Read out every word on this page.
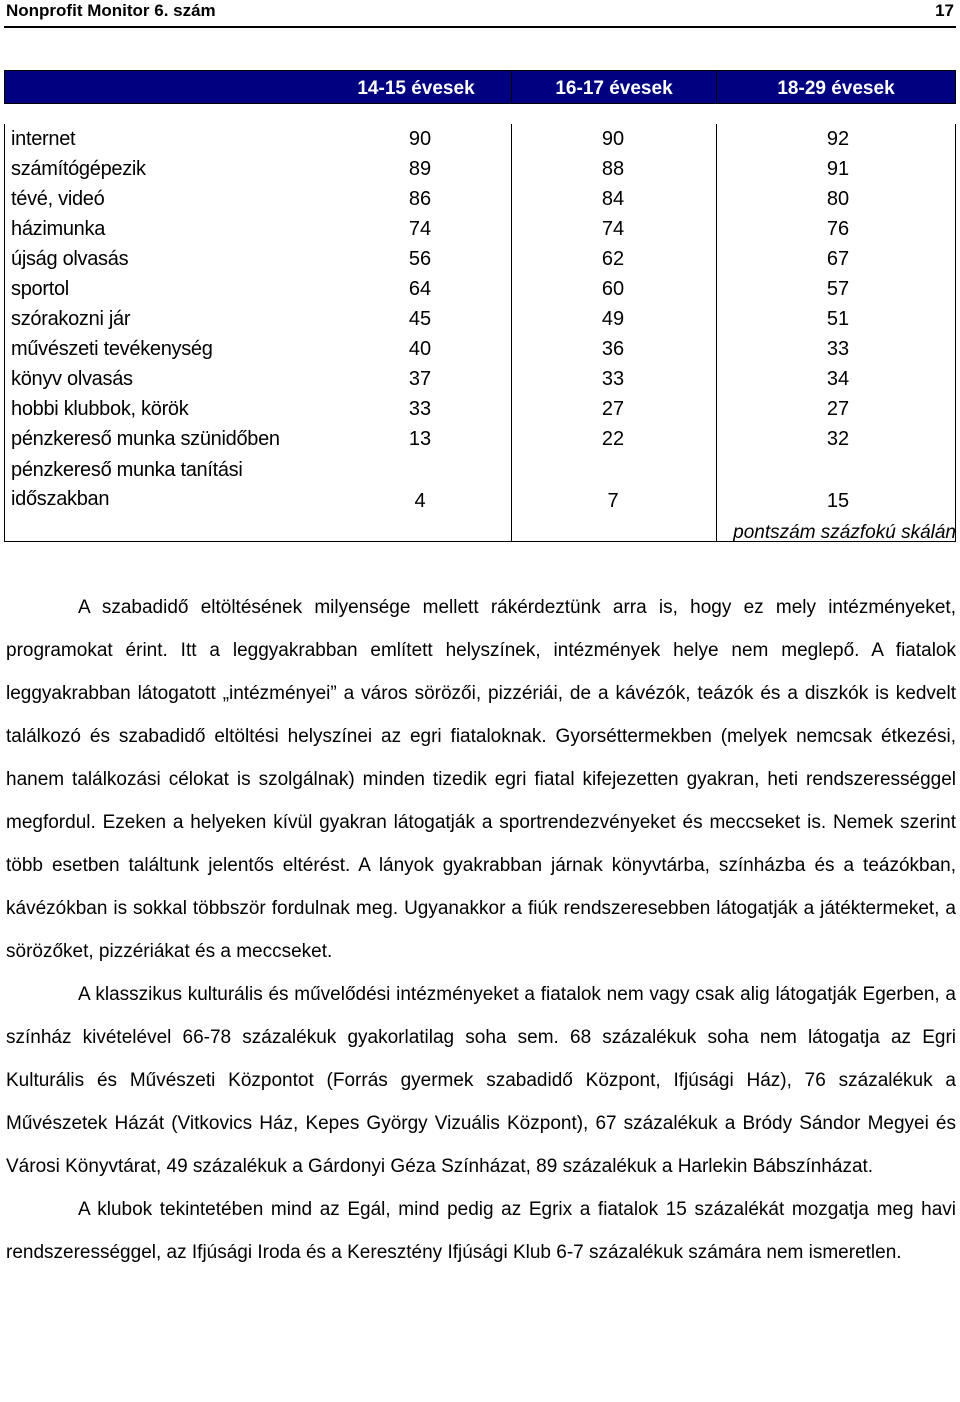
Nonprofit Monitor 6. szám	17
14-15 évesek	16-17 évesek	18-29 évesek
internet	90	90	92
számítógépezik	89	88	91
tévé, videó	86	84	80
házimunka	74	74	76
újság olvasás	56	62	67
sportol	64	60	57
szórakozni jár	45	49	51
művészeti tevékenység	40	36	33
könyv olvasás	37	33	34
hobbi klubbok, körök	33	27	27
pénzkereső munka szünidőben	13	22	32
pénzkereső munka tanítási időszakban	4	7	15
pontszám százfokú skálán

A szabadidő eltöltésének milyensége mellett rákérdeztünk arra is, hogy ez mely intézményeket, programokat érint. Itt a leggyakrabban említett helyszínek, intézmények helye nem meglepő. A fiatalok leggyakrabban látogatott „intézményei” a város sörözői, pizzériái, de a kávézók, teázók és a diszkók is kedvelt találkozó és szabadidő eltöltési helyszínei az egri fiataloknak. Gyorséttermekben (melyek nemcsak étkezési, hanem találkozási célokat is szolgálnak) minden tizedik egri fiatal kifejezetten gyakran, heti rendszerességgel megfordul. Ezeken a helyeken kívül gyakran látogatják a sportrendezvényeket és meccseket is. Nemek szerint több esetben találtunk jelentős eltérést. A lányok gyakrabban járnak könyvtárba, színházba és a teázókban, kávézókban is sokkal többször fordulnak meg. Ugyanakkor a fiúk rendszeresebben látogatják a játéktermeket, a sörözőket, pizzériákat és a meccseket.

A klasszikus kulturális és művelődési intézményeket a fiatalok nem vagy csak alig látogatják Egerben, a színház kivételével 66-78 százalékuk gyakorlatilag soha sem. 68 százalékuk soha nem látogatja az Egri Kulturális és Művészeti Központot (Forrás gyermek szabadidő Központ, Ifjúsági Ház), 76 százalékuk a Művészetek Házát (Vitkovics Ház, Kepes György Vizuális Központ), 67 százalékuk a Bródy Sándor Megyei és Városi Könyvtárat, 49 százalékuk a Gárdonyi Géza Színházat, 89 százalékuk a Harlekin Bábszínházat.

A klubok tekintetében mind az Egál, mind pedig az Egrix a fiatalok 15 százalékát mozgatja meg havi rendszerességgel, az Ifjúsági Iroda és a Keresztény Ifjúsági Klub 6-7 százalékuk számára nem ismeretlen.
